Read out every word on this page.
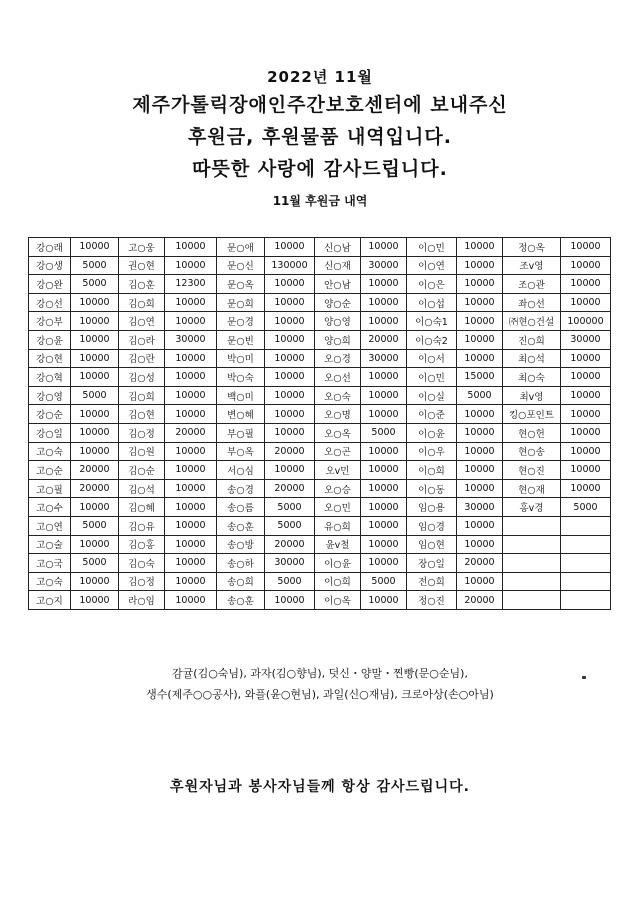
2022년 11월
제주가톨릭장애인주간보호센터에 보내주신
후원금, 후원물품 내역입니다.
따뜻한 사랑에 감사드립니다.
11월 후원금 내역
강○래	10000	고○웅	10000	문○애	10000	신○남	10000	이○민	10000	정○옥	10000
강○생	5000	권○현	10000	문○신	130000	신○재	30000	이○연	10000	조v영	10000
강○완	5000	김○훈	12300	문○옥	10000	안○남	10000	이○은	10000	조○관	10000
강○선	10000	김○희	10000	문○희	10000	양○순	10000	이○섭	10000	좌○선	10000
강○부	10000	김○연	10000	문○경	10000	양○영	10000	이○숙1	10000	㈜현○건설	100000
강○윤	10000	김○라	30000	문○빈	10000	양○희	20000	이○숙2	10000	진○희	30000
강○현	10000	김○란	10000	박○미	10000	오○경	30000	이○서	10000	최○석	10000
강○혁	10000	김○성	10000	박○숙	10000	오○선	10000	이○민	15000	최○숙	10000
강○영	5000	김○희	10000	백○미	10000	오○숙	10000	이○실	5000	최v영	10000
강○순	10000	김○현	10000	변○혜	10000	오○명	10000	이○준	10000	킹○포인트	10000
강○일	10000	김○정	20000	부○필	10000	오○옥	5000	이○윤	10000	현○헌	10000
고○숙	10000	김○원	10000	부○옥	20000	오○곤	10000	이○우	10000	현○송	10000
고○순	20000	김○순	10000	서○심	10000	오v민	10000	이○희	10000	현○진	10000
고○필	20000	김○석	10000	송○경	20000	오○승	10000	이○동	10000	현○재	10000
고○수	10000	김○혜	10000	송○름	5000	오○민	10000	임○용	30000	홍v경	5000
고○연	5000	김○유	10000	송○훈	5000	유○희	10000	임○경	10000		
고○술	10000	김○홍	10000	송○방	20000	윤v철	10000	임○현	10000		
고○국	5000	김○숙	10000	송○하	30000	이○윤	10000	장○일	20000		
고○숙	10000	김○정	10000	송○희	5000	이○희	5000	전○희	10000		
고○지	10000	라○임	10000	송○훈	10000	이○옥	10000	정○진	20000		
감귤(김○숙님), 과자(김○향님), 덧신・양말・찐빵(문○순님),
생수(제주○○공사), 와플(윤○현님), 과일(신○재님), 크로아상(손○아님)
후원자님과 봉사자님들께 항상 감사드립니다.
